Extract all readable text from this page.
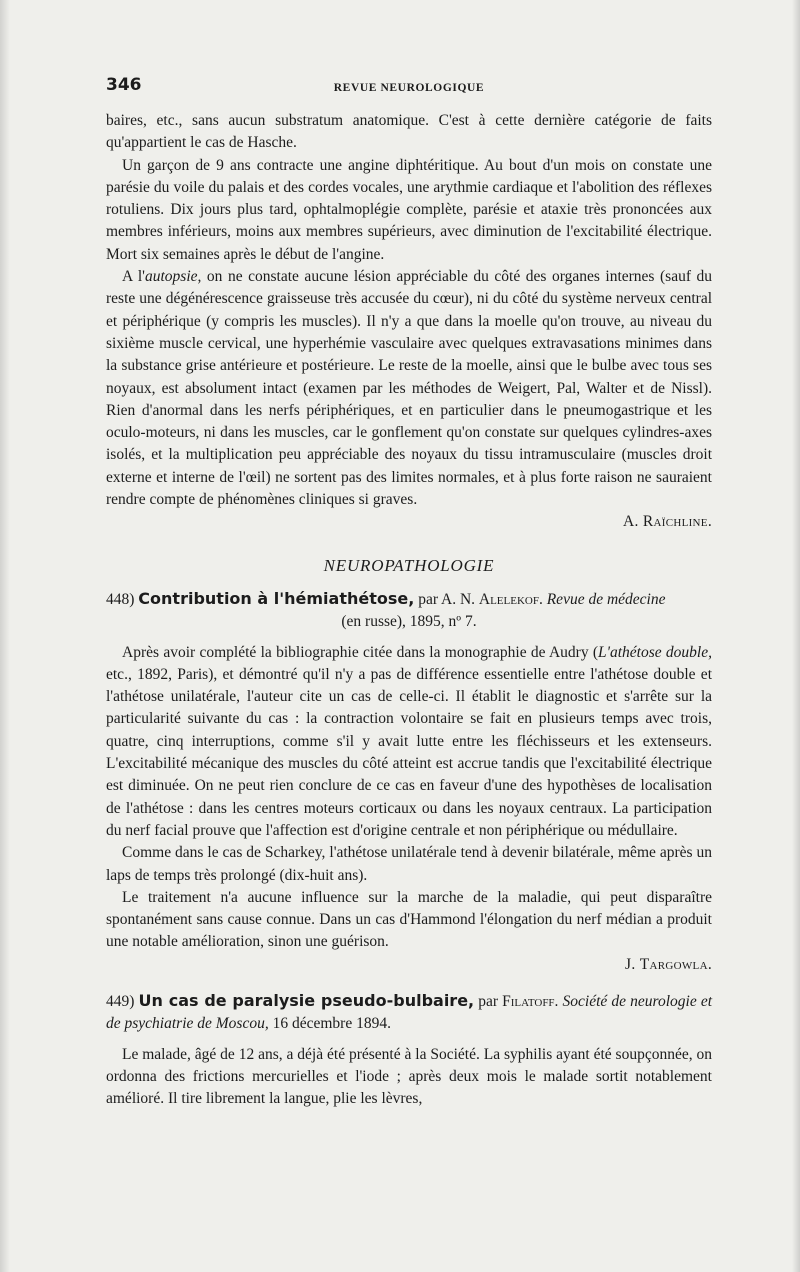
346	REVUE NEUROLOGIQUE

baires, etc., sans aucun substratum anatomique. C'est à cette dernière catégorie de faits qu'appartient le cas de Hasche.

Un garçon de 9 ans contracte une angine diphtéritique. Au bout d'un mois on constate une parésie du voile du palais et des cordes vocales, une arythmie cardiaque et l'abolition des réflexes rotuliens. Dix jours plus tard, ophtalmoplégie complète, parésie et ataxie très prononcées aux membres inférieurs, moins aux membres supérieurs, avec diminution de l'excitabilité électrique. Mort six semaines après le début de l'angine.

A l'autopsie, on ne constate aucune lésion appréciable du côté des organes internes (sauf du reste une dégénérescence graisseuse très accusée du cœur), ni du côté du système nerveux central et périphérique (y compris les muscles). Il n'y a que dans la moelle qu'on trouve, au niveau du sixième muscle cervical, une hyperhémie vasculaire avec quelques extravasations minimes dans la substance grise antérieure et postérieure. Le reste de la moelle, ainsi que le bulbe avec tous ses noyaux, est absolument intact (examen par les méthodes de Weigert, Pal, Walter et de Nissl). Rien d'anormal dans les nerfs périphériques, et en particulier dans le pneumogastrique et les oculo-moteurs, ni dans les muscles, car le gonflement qu'on constate sur quelques cylindres-axes isolés, et la multiplication peu appréciable des noyaux du tissu intramusculaire (muscles droit externe et interne de l'œil) ne sortent pas des limites normales, et à plus forte raison ne sauraient rendre compte de phénomènes cliniques si graves.

A. Raïchline.

NEUROPATHOLOGIE

448) Contribution à l'hémiathétose, par A. N. Alelekof. Revue de médecine

(en russe), 1895, nº 7.

Après avoir complété la bibliographie citée dans la monographie de Audry (L'athétose double, etc., 1892, Paris), et démontré qu'il n'y a pas de différence essentielle entre l'athétose double et l'athétose unilatérale, l'auteur cite un cas de celle-ci. Il établit le diagnostic et s'arrête sur la particularité suivante du cas : la contraction volontaire se fait en plusieurs temps avec trois, quatre, cinq interruptions, comme s'il y avait lutte entre les fléchisseurs et les extenseurs. L'excitabilité mécanique des muscles du côté atteint est accrue tandis que l'excitabilité électrique est diminuée. On ne peut rien conclure de ce cas en faveur d'une des hypothèses de localisation de l'athétose : dans les centres moteurs corticaux ou dans les noyaux centraux. La participation du nerf facial prouve que l'affection est d'origine centrale et non périphérique ou médullaire.

Comme dans le cas de Scharkey, l'athétose unilatérale tend à devenir bilatérale, même après un laps de temps très prolongé (dix-huit ans).

Le traitement n'a aucune influence sur la marche de la maladie, qui peut disparaître spontanément sans cause connue. Dans un cas d'Hammond l'élongation du nerf médian a produit une notable amélioration, sinon une guérison.

J. Targowla.

449) Un cas de paralysie pseudo-bulbaire, par Filatoff. Société de neurologie et de psychiatrie de Moscou, 16 décembre 1894.

Le malade, âgé de 12 ans, a déjà été présenté à la Société. La syphilis ayant été soupçonnée, on ordonna des frictions mercurielles et l'iode ; après deux mois le malade sortit notablement amélioré. Il tire librement la langue, plie les lèvres,
